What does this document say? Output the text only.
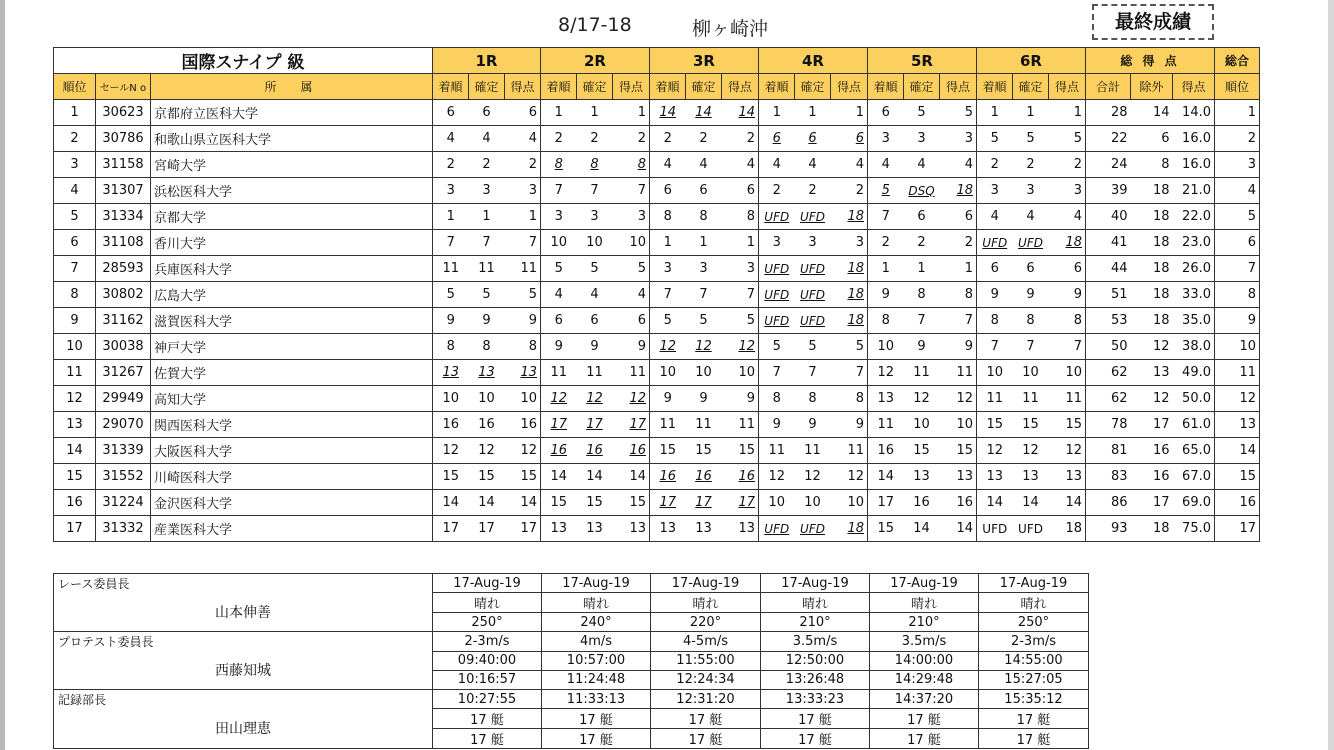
8/17-18	柳ヶ崎沖	最終成績
国際スナイプ 級			1R			2R			3R			4R			5R			6R			総 得 点			総合
順位	セールN o	所　属	着順	確定	得点	着順	確定	得点	着順	確定	得点	着順	確定	得点	着順	確定	得点	着順	確定	得点	合計	除外	得点	順位
1	30623	京都府立医科大学	6	6	6	1	1	1	14	14	14	1	1	1	6	5	5	1	1	1	28	14	14.0	1
2	30786	和歌山県立医科大学	4	4	4	2	2	2	2	2	2	6	6	6	3	3	3	5	5	5	22	6	16.0	2
3	31158	宮崎大学	2	2	2	8	8	8	4	4	4	4	4	4	4	4	4	2	2	2	24	8	16.0	3
4	31307	浜松医科大学	3	3	3	7	7	7	6	6	6	2	2	2	5	DSQ	18	3	3	3	39	18	21.0	4
5	31334	京都大学	1	1	1	3	3	3	8	8	8	UFD	UFD	18	7	6	6	4	4	4	40	18	22.0	5
6	31108	香川大学	7	7	7	10	10	10	1	1	1	3	3	3	2	2	2	UFD	UFD	18	41	18	23.0	6
7	28593	兵庫医科大学	11	11	11	5	5	5	3	3	3	UFD	UFD	18	1	1	1	6	6	6	44	18	26.0	7
8	30802	広島大学	5	5	5	4	4	4	7	7	7	UFD	UFD	18	9	8	8	9	9	9	51	18	33.0	8
9	31162	滋賀医科大学	9	9	9	6	6	6	5	5	5	UFD	UFD	18	8	7	7	8	8	8	53	18	35.0	9
10	30038	神戸大学	8	8	8	9	9	9	12	12	12	5	5	5	10	9	9	7	7	7	50	12	38.0	10
11	31267	佐賀大学	13	13	13	11	11	11	10	10	10	7	7	7	12	11	11	10	10	10	62	13	49.0	11
12	29949	高知大学	10	10	10	12	12	12	9	9	9	8	8	8	13	12	12	11	11	11	62	12	50.0	12
13	29070	関西医科大学	16	16	16	17	17	17	11	11	11	9	9	9	11	10	10	15	15	15	78	17	61.0	13
14	31339	大阪医科大学	12	12	12	16	16	16	15	15	15	11	11	11	16	15	15	12	12	12	81	16	65.0	14
15	31552	川崎医科大学	15	15	15	14	14	14	16	16	16	12	12	12	14	13	13	13	13	13	83	16	67.0	15
16	31224	金沢医科大学	14	14	14	15	15	15	17	17	17	10	10	10	17	16	16	14	14	14	86	17	69.0	16
17	31332	産業医科大学	17	17	17	13	13	13	13	13	13	UFD	UFD	18	15	14	14	UFD	UFD	18	93	18	75.0	17
レース委員長	17-Aug-19	17-Aug-19	17-Aug-19	17-Aug-19	17-Aug-19	17-Aug-19
山本伸善	晴れ	晴れ	晴れ	晴れ	晴れ	晴れ
	250°	240°	220°	210°	210°	250°
プロテスト委員長	2-3m/s	4m/s	4-5m/s	3.5m/s	3.5m/s	2-3m/s
西藤知城	09:40:00	10:57:00	11:55:00	12:50:00	14:00:00	14:55:00
	10:16:57	11:24:48	12:24:34	13:26:48	14:29:48	15:27:05
記録部長	10:27:55	11:33:13	12:31:20	13:33:23	14:37:20	15:35:12
田山理恵	17 艇	17 艇	17 艇	17 艇	17 艇	17 艇
	17 艇	17 艇	17 艇	17 艇	17 艇	17 艇
